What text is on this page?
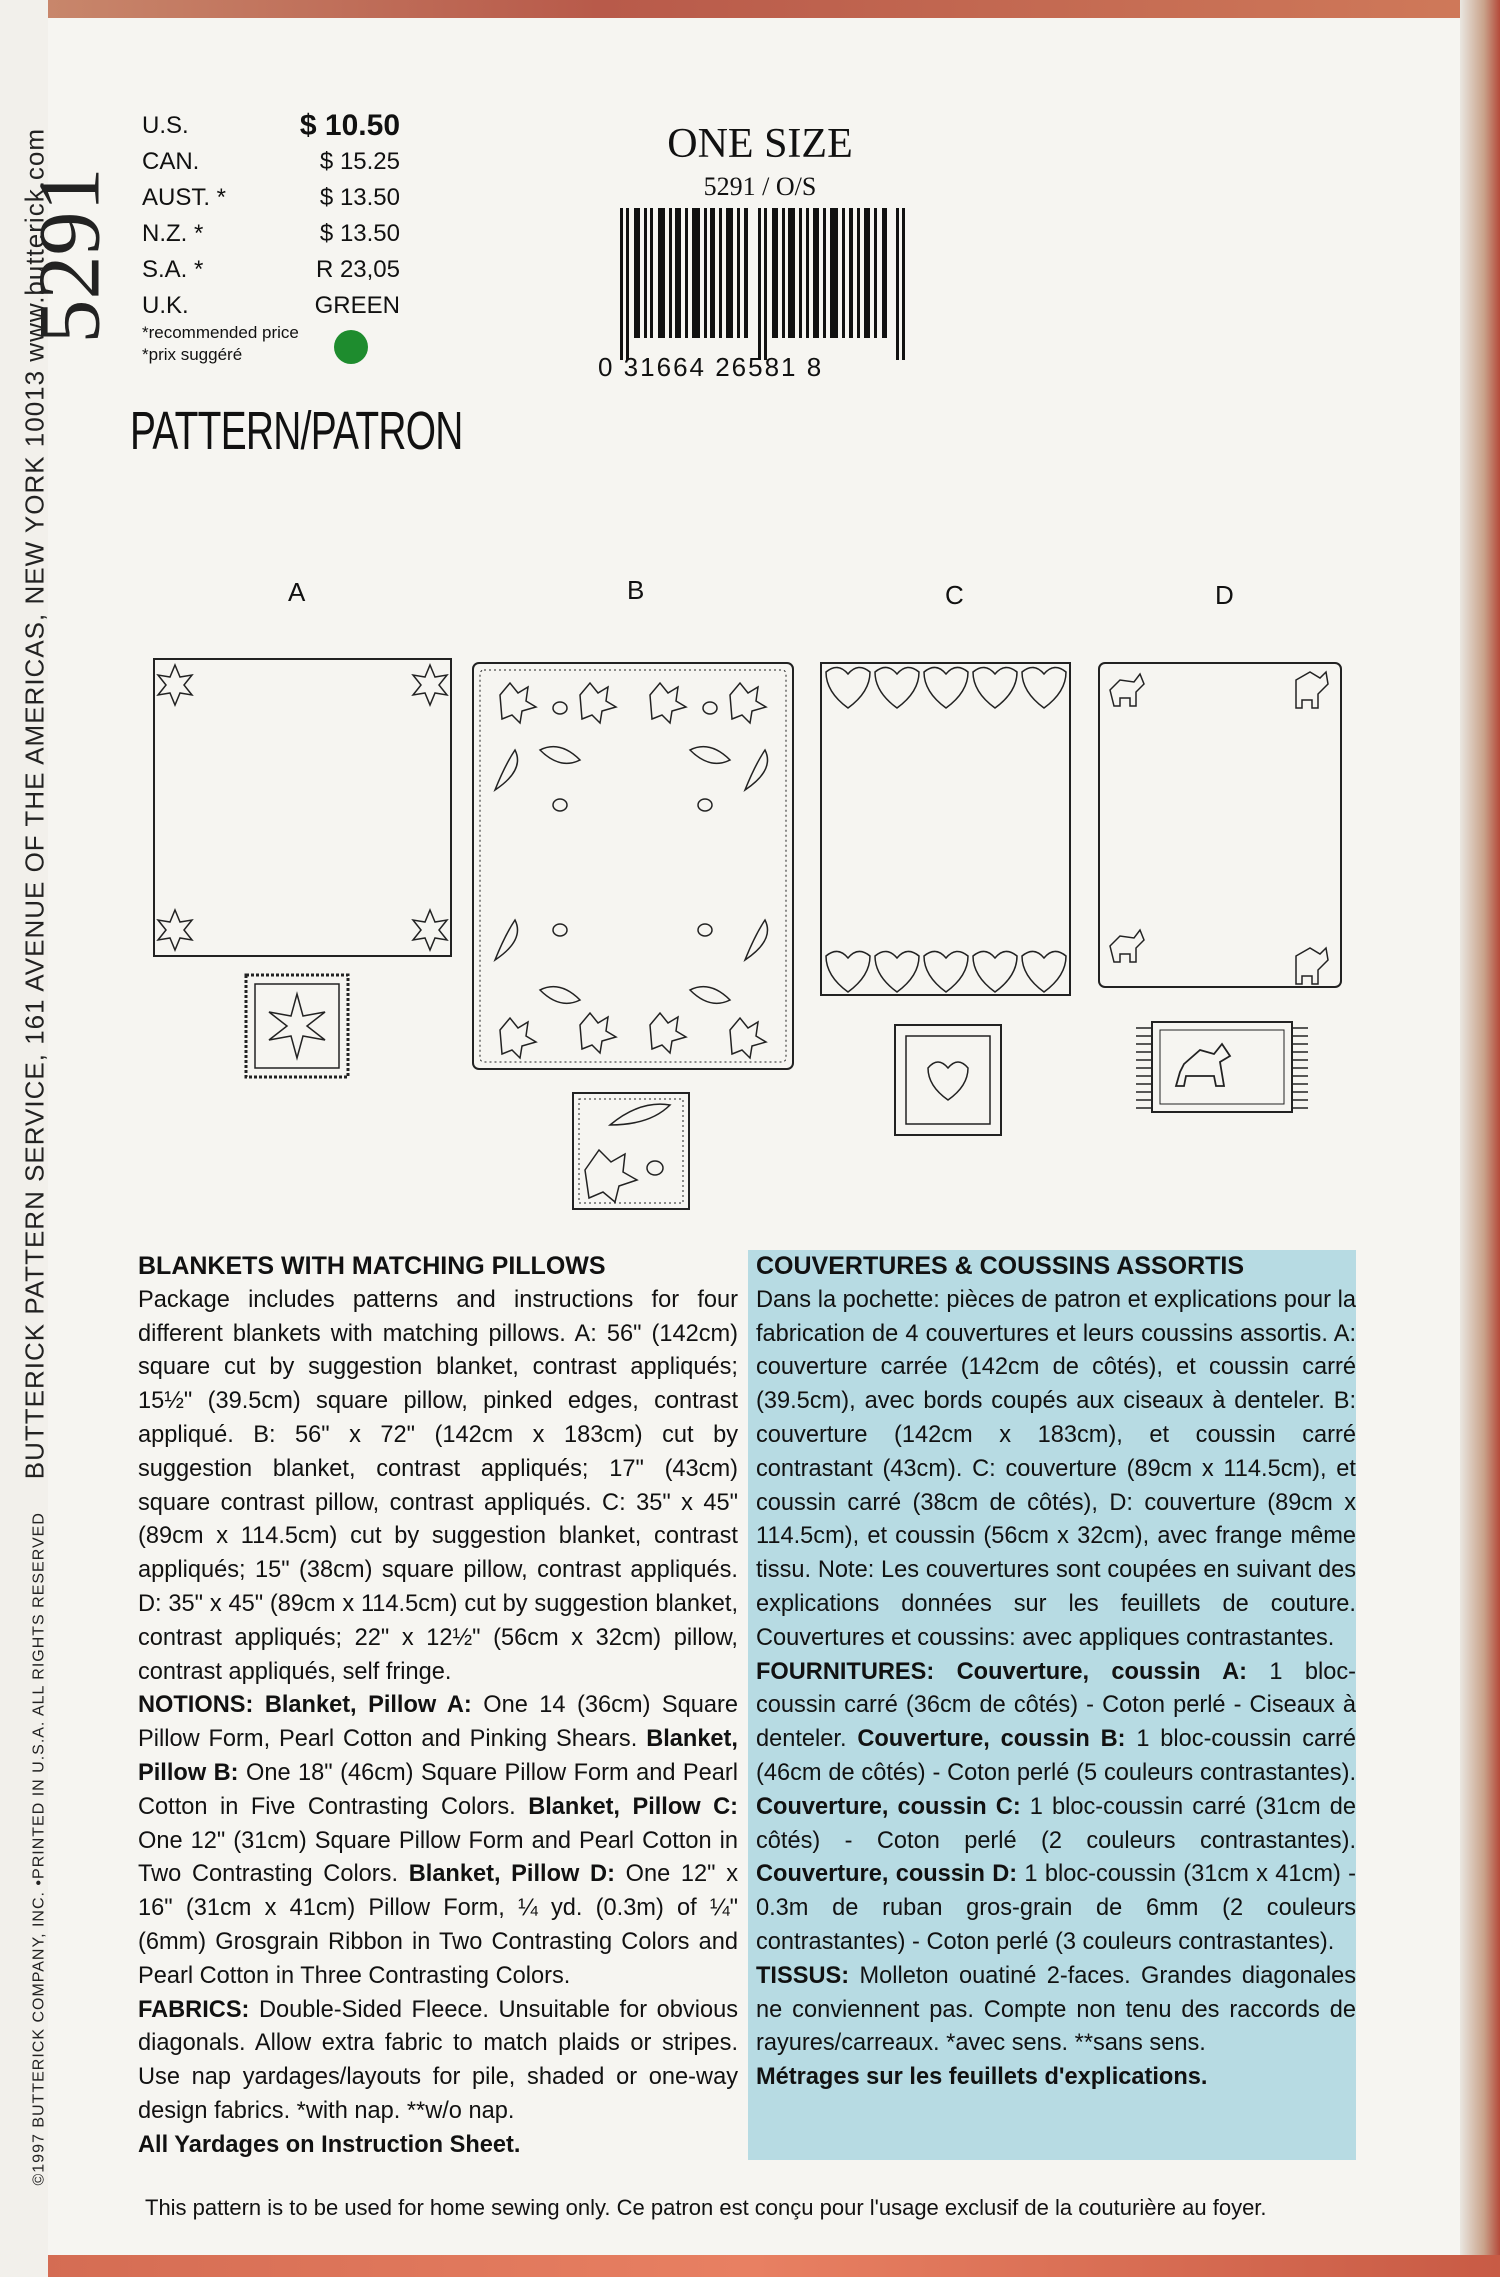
©1997 BUTTERICK COMPANY, INC. •PRINTED IN U.S.A. ALL RIGHTS RESERVED    BUTTERICK PATTERN SERVICE, 161 AVENUE OF THE AMERICAS, NEW YORK 10013 www.butterick.com
5291
U.S.	$ 10.50
CAN.	$ 15.25
AUST. *	$ 13.50
N.Z. *	$ 13.50
S.A. *	R 23,05
U.K.	GREEN
*recommended price
*prix suggéré
PATTERN/PATRON
ONE SIZE
5291 / O/S
0 31664 26581 8
A	B	C	D

BLANKETS WITH MATCHING PILLOWS

Package includes patterns and instructions for four different blankets with matching pillows. A: 56" (142cm) square cut by suggestion blanket, contrast appliqués; 15½" (39.5cm) square pillow, pinked edges, contrast appliqué. B: 56" x 72" (142cm x 183cm) cut by suggestion blanket, contrast appliqués; 17" (43cm) square contrast pillow, contrast appliqués. C: 35" x 45" (89cm x 114.5cm) cut by suggestion blanket, contrast appliqués; 15" (38cm) square pillow, contrast appliqués. D: 35" x 45" (89cm x 114.5cm) cut by suggestion blanket, contrast appliqués; 22" x 12½" (56cm x 32cm) pillow, contrast appliqués, self fringe.

NOTIONS: Blanket, Pillow A: One 14 (36cm) Square Pillow Form, Pearl Cotton and Pinking Shears. Blanket, Pillow B: One 18" (46cm) Square Pillow Form and Pearl Cotton in Five Contrasting Colors. Blanket, Pillow C: One 12" (31cm) Square Pillow Form and Pearl Cotton in Two Contrasting Colors. Blanket, Pillow D: One 12" x 16" (31cm x 41cm) Pillow Form, ¼ yd. (0.3m) of ¼" (6mm) Grosgrain Ribbon in Two Contrasting Colors and Pearl Cotton in Three Contrasting Colors.

FABRICS: Double-Sided Fleece. Unsuitable for obvious diagonals. Allow extra fabric to match plaids or stripes. Use nap yardages/layouts for pile, shaded or one-way design fabrics. *with nap. **w/o nap.

All Yardages on Instruction Sheet.

COUVERTURES & COUSSINS ASSORTIS

Dans la pochette: pièces de patron et explications pour la fabrication de 4 couvertures et leurs coussins assortis. A: couverture carrée (142cm de côtés), et coussin carré (39.5cm), avec bords coupés aux ciseaux à denteler. B: couverture (142cm x 183cm), et coussin carré contrastant (43cm). C: couverture (89cm x 114.5cm), et coussin carré (38cm de côtés), D: couverture (89cm x 114.5cm), et coussin (56cm x 32cm), avec frange même tissu. Note: Les couvertures sont coupées en suivant des explications données sur les feuillets de couture. Couvertures et coussins: avec appliques contrastantes.

FOURNITURES: Couverture, coussin A: 1 bloc-coussin carré (36cm de côtés) - Coton perlé - Ciseaux à denteler. Couverture, coussin B: 1 bloc-coussin carré (46cm de côtés) - Coton perlé (5 couleurs contrastantes). Couverture, coussin C: 1 bloc-coussin carré (31cm de côtés) - Coton perlé (2 couleurs contrastantes). Couverture, coussin D: 1 bloc-coussin (31cm x 41cm) - 0.3m de ruban gros-grain de 6mm (2 couleurs contrastantes) - Coton perlé (3 couleurs contrastantes).

TISSUS: Molleton ouatiné 2-faces. Grandes diagonales ne conviennent pas. Compte non tenu des raccords de rayures/carreaux. *avec sens. **sans sens.

Métrages sur les feuillets d'explications.

This pattern is to be used for home sewing only. Ce patron est conçu pour l'usage exclusif de la couturière au foyer.
